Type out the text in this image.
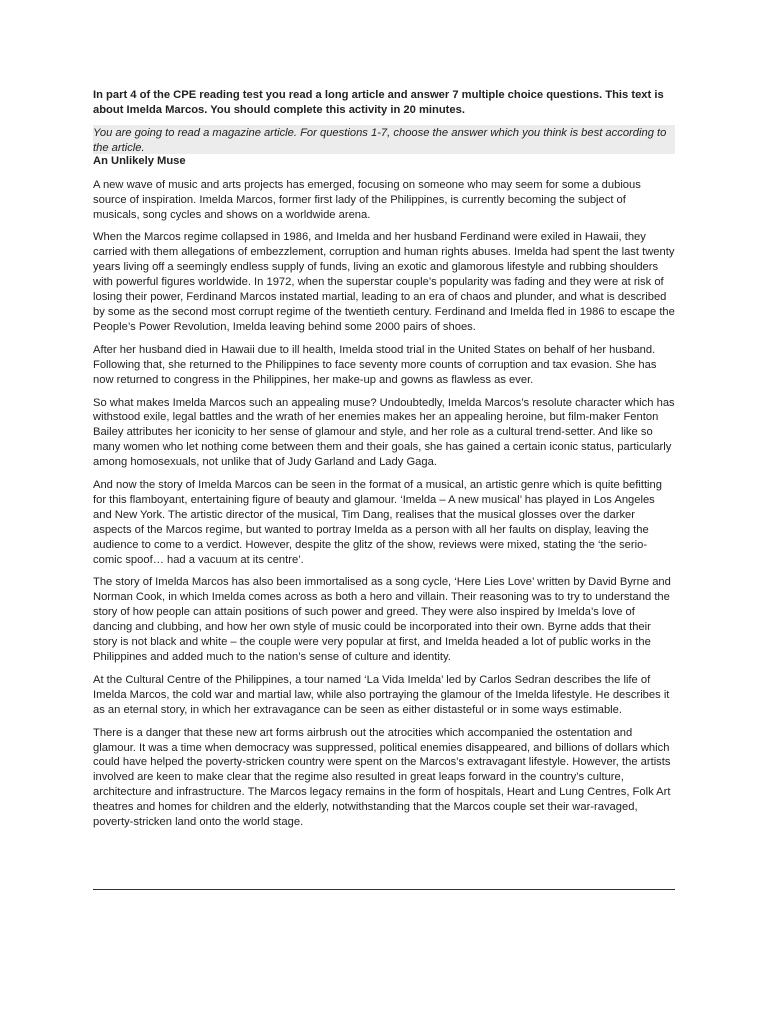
In part 4 of the CPE reading test you read a long article and answer 7 multiple choice questions. This text is about Imelda Marcos. You should complete this activity in 20 minutes.

You are going to read a magazine article. For questions 1-7, choose the answer which you think is best according to the article.

An Unlikely Muse

A new wave of music and arts projects has emerged, focusing on someone who may seem for some a dubious source of inspiration. Imelda Marcos, former first lady of the Philippines, is currently becoming the subject of musicals, song cycles and shows on a worldwide arena.

When the Marcos regime collapsed in 1986, and Imelda and her husband Ferdinand were exiled in Hawaii, they carried with them allegations of embezzlement, corruption and human rights abuses. Imelda had spent the last twenty years living off a seemingly endless supply of funds, living an exotic and glamorous lifestyle and rubbing shoulders with powerful figures worldwide. In 1972, when the superstar couple’s popularity was fading and they were at risk of losing their power, Ferdinand Marcos instated martial, leading to an era of chaos and plunder, and what is described by some as the second most corrupt regime of the twentieth century. Ferdinand and Imelda fled in 1986 to escape the People’s Power Revolution, Imelda leaving behind some 2000 pairs of shoes.

After her husband died in Hawaii due to ill health, Imelda stood trial in the United States on behalf of her husband. Following that, she returned to the Philippines to face seventy more counts of corruption and tax evasion. She has now returned to congress in the Philippines, her make-up and gowns as flawless as ever.

So what makes Imelda Marcos such an appealing muse? Undoubtedly, Imelda Marcos’s resolute character which has withstood exile, legal battles and the wrath of her enemies makes her an appealing heroine, but film-maker Fenton Bailey attributes her iconicity to her sense of glamour and style, and her role as a cultural trend-setter. And like so many women who let nothing come between them and their goals, she has gained a certain iconic status, particularly among homosexuals, not unlike that of Judy Garland and Lady Gaga.

And now the story of Imelda Marcos can be seen in the format of a musical, an artistic genre which is quite befitting for this flamboyant, entertaining figure of beauty and glamour. ‘Imelda – A new musical’ has played in Los Angeles and New York. The artistic director of the musical, Tim Dang, realises that the musical glosses over the darker aspects of the Marcos regime, but wanted to portray Imelda as a person with all her faults on display, leaving the audience to come to a verdict. However, despite the glitz of the show, reviews were mixed, stating the ‘the serio-comic spoof… had a vacuum at its centre’.

The story of Imelda Marcos has also been immortalised as a song cycle, ‘Here Lies Love’ written by David Byrne and Norman Cook, in which Imelda comes across as both a hero and villain. Their reasoning was to try to understand the story of how people can attain positions of such power and greed. They were also inspired by Imelda’s love of dancing and clubbing, and how her own style of music could be incorporated into their own. Byrne adds that their story is not black and white – the couple were very popular at first, and Imelda headed a lot of public works in the Philippines and added much to the nation’s sense of culture and identity.

At the Cultural Centre of the Philippines, a tour named ‘La Vida Imelda’ led by Carlos Sedran describes the life of Imelda Marcos, the cold war and martial law, while also portraying the glamour of the Imelda lifestyle. He describes it as an eternal story, in which her extravagance can be seen as either distasteful or in some ways estimable.

There is a danger that these new art forms airbrush out the atrocities which accompanied the ostentation and glamour. It was a time when democracy was suppressed, political enemies disappeared, and billions of dollars which could have helped the poverty-stricken country were spent on the Marcos’s extravagant lifestyle. However, the artists involved are keen to make clear that the regime also resulted in great leaps forward in the country’s culture, architecture and infrastructure. The Marcos legacy remains in the form of hospitals, Heart and Lung Centres, Folk Art theatres and homes for children and the elderly, notwithstanding that the Marcos couple set their war-ravaged, poverty-stricken land onto the world stage.
